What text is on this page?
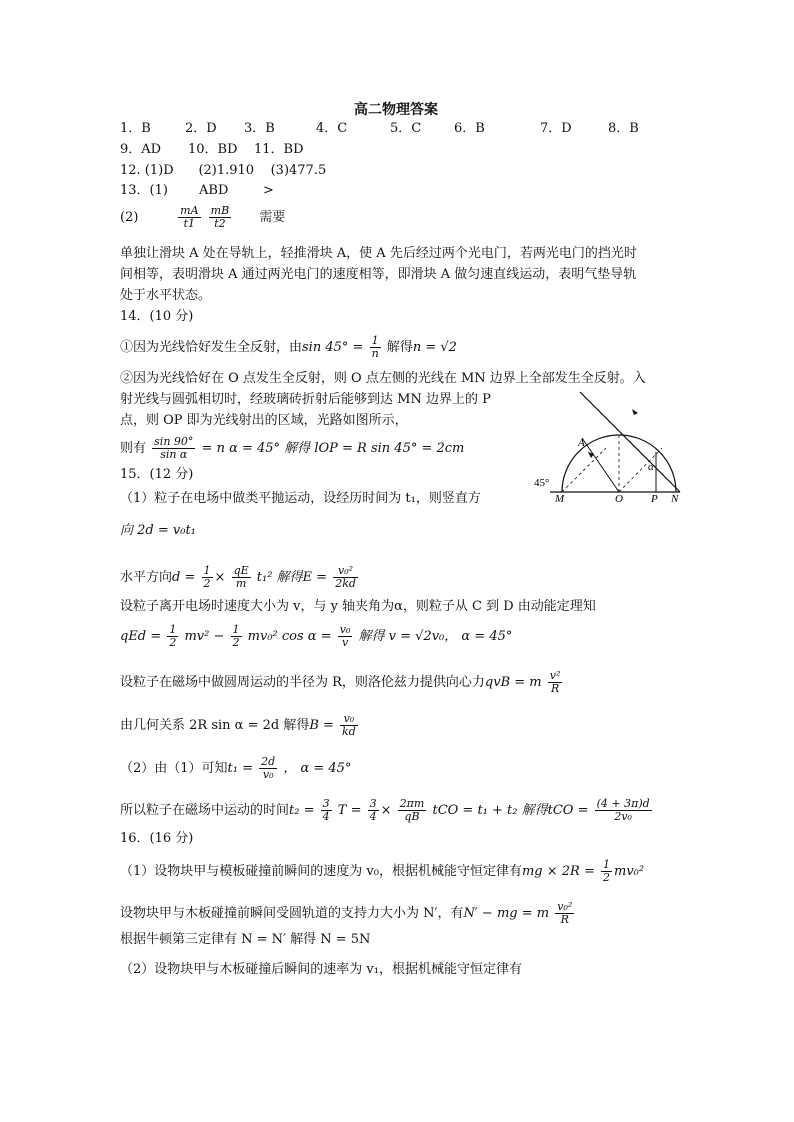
高二物理答案
1．B	2．D 3．B	4．C	5．C	6．B	7．D	8．B
9．AD 10．BD 11．BD
12. (1)D      (2)1.910    (3)477.5
13．(1) ABD	>
(2)	$\frac{mA}{t1}$
$\frac{mB}{t2}$ 需要
单独让滑块 A 处在导轨上，轻推滑块 A，使 A 先后经过两个光电门，若两光电门的挡光时
间相等，表明滑块 A 通过两光电门的速度相等，即滑块 A 做匀速直线运动，表明气垫导轨
处于水平状态。
14．(10 分)
①因为光线恰好发生全反射，由$\sin 45^\circ = \frac{1}{n}$ 解得n = √2
②因为光线恰好在 O 点发生全反射，则 O 点左侧的光线在 MN 边界上全部发生全反射。入
射光线与圆弧相切时，经玻璃砖折射后能够到达 MN 边界上的 P
点，则 OP 即为光线射出的区域，光路如图所示，
则有 $\frac{\sin 90^\circ}{\text{sin α}} = n$ α = 45° 解得 lOP = R sin 45° = 2cm
M	O	P N
A
α
45°
15．(12 分)
（1）粒子在电场中做类平抛运动，设经历时间为 t₁，则竖直方
向 2d = v₀t₁
水平方向$d = \frac{1}{2} \times \frac{qE}{m} t_1^2$ 解得$E = \frac{\text{v₀²}}{2kd}$
设粒子离开电场时速度大小为 v，与 y 轴夹角为α，则粒子从 C 到 D 由动能定理知
qEd = $\frac{1}{2} mv^2 - \frac{1}{2} mv_0^2$ $\cos \alpha = \frac{\text{v₀}}{v}$ 解得 v = √2v₀， α = 45°
设粒子在磁场中做圆周运动的半径为 R，则洛伦兹力提供向心力qvB = m $\frac{\text{v²}}{R}$
由几何关系 2R sin α = 2d 解得$B = \frac{\text{v₀}}{kd}$
（2）由（1）可知$t_1 = \frac{2d}{\text{v₀}}$ ， α = 45°
所以粒子在磁场中运动的时间$t_2 = \frac{3}{4}$ $T = \frac{3}{4} \times \frac{2\pi m}{qB}$ tCO = t₁ + t₂ 解得tCO = $\frac{(4 + 3\pi)d}{\text{2v₀}}$
16．(16 分)
（1）设物块甲与模板碰撞前瞬间的速度为 v₀，根据机械能守恒定律有mg × $2R = \frac{1}{2} mv_0^2$
设物块甲与木板碰撞前瞬间受圆轨道的支持力大小为 N′，有N′ − mg = m $\frac{\text{v₀²}}{R}$
根据牛顿第三定律有 N = N′ 解得 N = 5N
（2）设物块甲与木板碰撞后瞬间的速率为 v₁，根据机械能守恒定律有
